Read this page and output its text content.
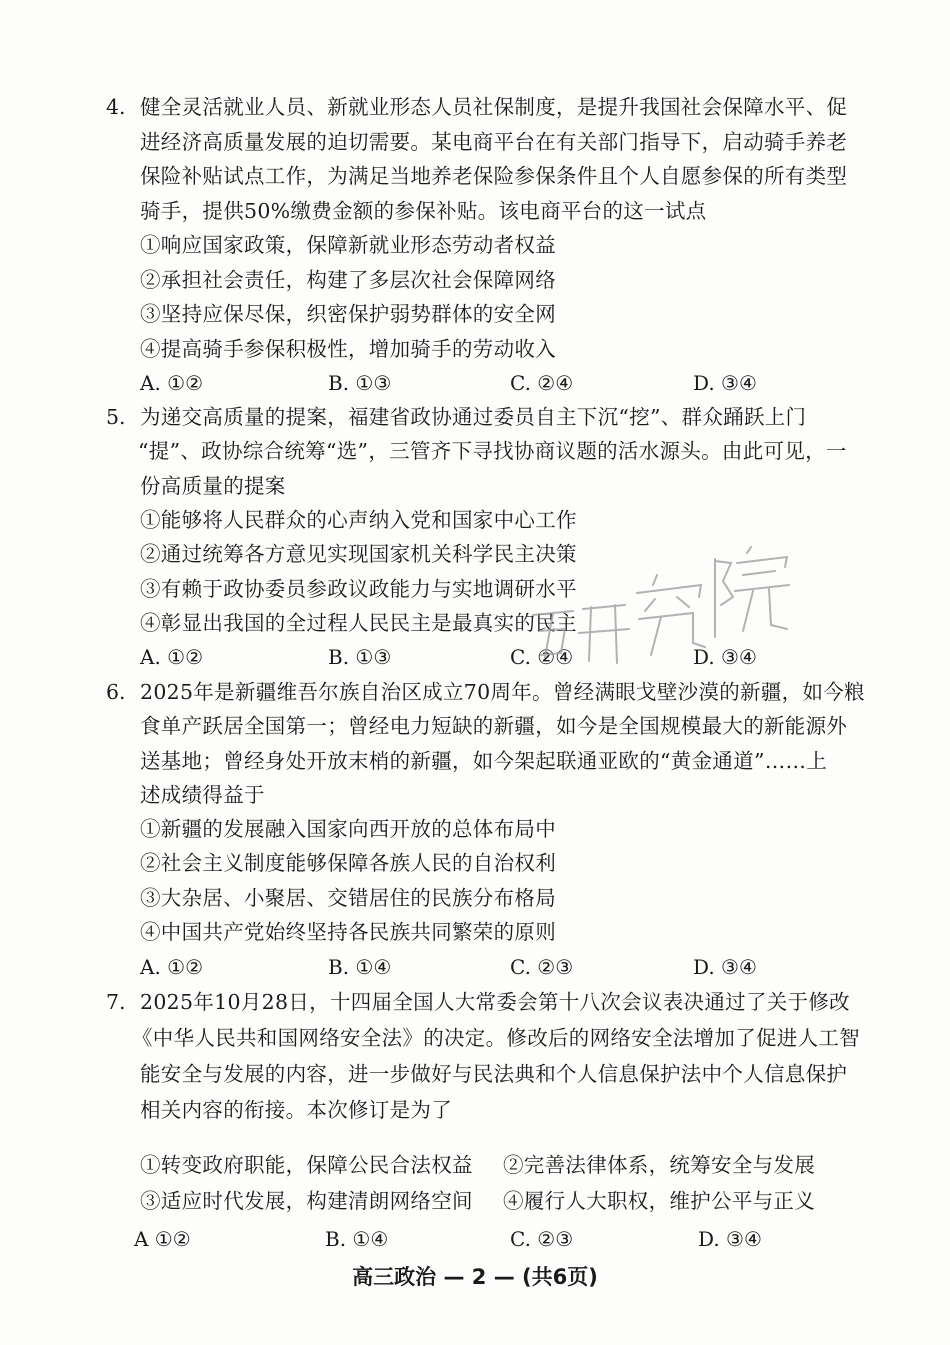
4. 健全灵活就业人员、新就业形态人员社保制度，是提升我国社会保障水平、促
进经济高质量发展的迫切需要。某电商平台在有关部门指导下，启动骑手养老
保险补贴试点工作，为满足当地养老保险参保条件且个人自愿参保的所有类型
骑手，提供50%缴费金额的参保补贴。该电商平台的这一试点
①响应国家政策，保障新就业形态劳动者权益
②承担社会责任，构建了多层次社会保障网络
③坚持应保尽保，织密保护弱势群体的安全网
④提高骑手参保积极性，增加骑手的劳动收入
A. ①②	B. ①③	C. ②④	D. ③④
5. 为递交高质量的提案，福建省政协通过委员自主下沉“挖”、群众踊跃上门
“提”、政协综合统筹“选”，三管齐下寻找协商议题的活水源头。由此可见，一
份高质量的提案
①能够将人民群众的心声纳入党和国家中心工作
②通过统筹各方意见实现国家机关科学民主决策
③有赖于政协委员参政议政能力与实地调研水平
④彰显出我国的全过程人民民主是最真实的民主
A. ①②	B. ①③	C. ②④	D. ③④
6. 2025年是新疆维吾尔族自治区成立70周年。曾经满眼戈壁沙漠的新疆，如今粮
食单产跃居全国第一；曾经电力短缺的新疆，如今是全国规模最大的新能源外
送基地；曾经身处开放末梢的新疆，如今架起联通亚欧的“黄金通道”……上
述成绩得益于
①新疆的发展融入国家向西开放的总体布局中
②社会主义制度能够保障各族人民的自治权利
③大杂居、小聚居、交错居住的民族分布格局
④中国共产党始终坚持各民族共同繁荣的原则
A. ①②	B. ①④	C. ②③	D. ③④
7. 2025年10月28日，十四届全国人大常委会第十八次会议表决通过了关于修改
《中华人民共和国网络安全法》的决定。修改后的网络安全法增加了促进人工智
能安全与发展的内容，进一步做好与民法典和个人信息保护法中个人信息保护
相关内容的衔接。本次修订是为了
①转变政府职能，保障公民合法权益 ②完善法律体系，统筹安全与发展
③适应时代发展，构建清朗网络空间 ④履行人大职权，维护公平与正义
A ①②	B. ①④	C. ②③	D. ③④
高三政治 — 2 — (共6页)
